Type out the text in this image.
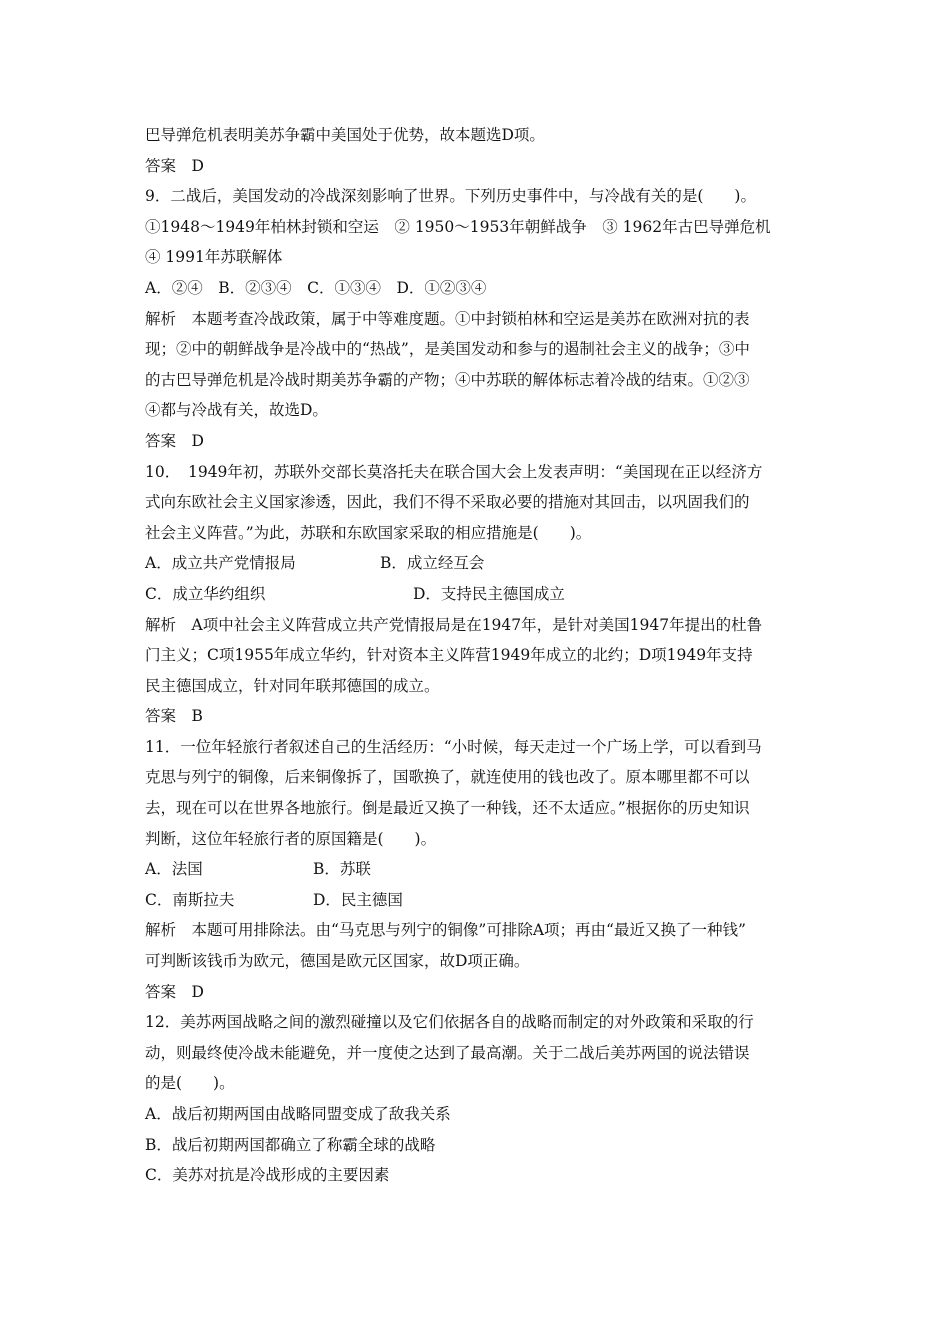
巴导弹危机表明美苏争霸中美国处于优势，故本题选D项。
答案　D
9．二战后，美国发动的冷战深刻影响了世界。下列历史事件中，与冷战有关的是(　　)。
①1948～1949年柏林封锁和空运　② 1950～1953年朝鲜战争　③ 1962年古巴导弹危机
④ 1991年苏联解体
A．②④　B．②③④　C．①③④　D．①②③④
解析　本题考查冷战政策，属于中等难度题。①中封锁柏林和空运是美苏在欧洲对抗的表
现；②中的朝鲜战争是冷战中的“热战”，是美国发动和参与的遏制社会主义的战争；③中
的古巴导弹危机是冷战时期美苏争霸的产物；④中苏联的解体标志着冷战的结束。①②③
④都与冷战有关，故选D。
答案　D
10．　1949年初，苏联外交部长莫洛托夫在联合国大会上发表声明：“美国现在正以经济方
式向东欧社会主义国家渗透，因此，我们不得不采取必要的措施对其回击，以巩固我们的
社会主义阵营。”为此，苏联和东欧国家采取的相应措施是(　　)。
A．成立共产党情报局	B．成立经互会
C．成立华约组织	D．支持民主德国成立
解析　A项中社会主义阵营成立共产党情报局是在1947年，是针对美国1947年提出的杜鲁
门主义；C项1955年成立华约，针对资本主义阵营1949年成立的北约；D项1949年支持
民主德国成立，针对同年联邦德国的成立。
答案　B
11．一位年轻旅行者叙述自己的生活经历：“小时候，每天走过一个广场上学，可以看到马
克思与列宁的铜像，后来铜像拆了，国歌换了，就连使用的钱也改了。原本哪里都不可以
去，现在可以在世界各地旅行。倒是最近又换了一种钱，还不太适应。”根据你的历史知识
判断，这位年轻旅行者的原国籍是(　　)。
A．法国	B．苏联
C．南斯拉夫	D．民主德国
解析　本题可用排除法。由“马克思与列宁的铜像”可排除A项；再由“最近又换了一种钱”
可判断该钱币为欧元，德国是欧元区国家，故D项正确。
答案　D
12．美苏两国战略之间的激烈碰撞以及它们依据各自的战略而制定的对外政策和采取的行
动，则最终使冷战未能避免，并一度使之达到了最高潮。关于二战后美苏两国的说法错误
的是(　　)。
A．战后初期两国由战略同盟变成了敌我关系
B．战后初期两国都确立了称霸全球的战略
C．美苏对抗是冷战形成的主要因素
